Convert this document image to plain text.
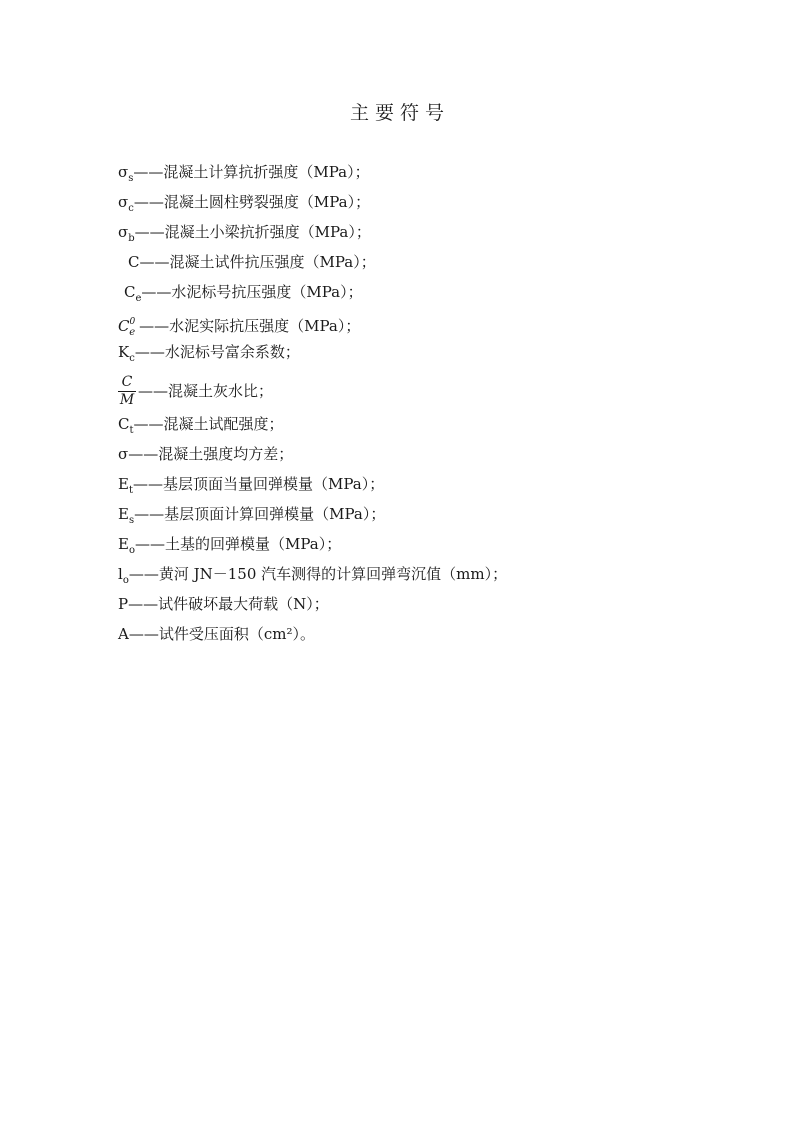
主 要 符 号
$\sigma_s——$混凝土计算抗折强度（MPa）；
$\sigma_c——$混凝土圆柱劈裂强度（MPa）；
$\sigma_b——$混凝土小梁抗折强度（MPa）；
C——混凝土试件抗压强度（MPa）；
$C_e——$水泥标号抗压强度（MPa）；
$C^0_e$ ——水泥实际抗压强度（MPa）；
$K_c——$水泥标号富余系数；
$\frac{C}{M}$ ——混凝土灰水比；
$C_t——$混凝土试配强度；
σ——混凝土强度均方差；
$E_t——$基层顶面当量回弹模量（MPa）；
$E_s——$基层顶面计算回弹模量（MPa）；
$E_o——$土基的回弹模量（MPa）；
$l_o——$黄河 JN－150 汽车测得的计算回弹弯沉值（mm）；
P——试件破坏最大荷载（N）；
A——试件受压面积（cm²）。
